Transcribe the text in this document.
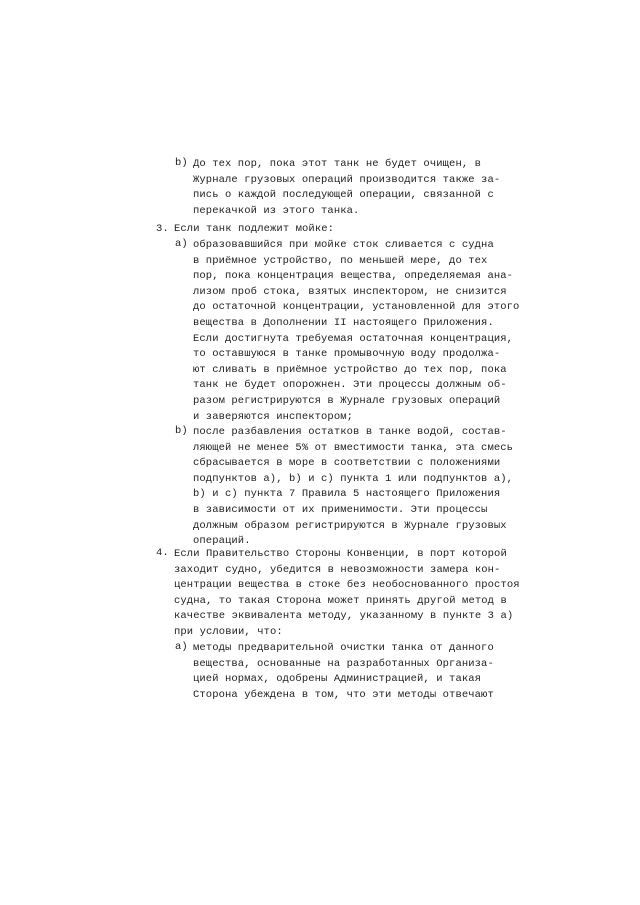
b) До тех пор, пока этот танк не будет очищен, в
Журнале грузовых операций производится также за-
пись о каждой последующей операции, связанной с
перекачкой из этого танка.
3. Если танк подлежит мойке:
a) образовавшийся при мойке сток сливается с судна
в приёмное устройство, по меньшей мере, до тех
пор, пока концентрация вещества, определяемая ана-
лизом проб стока, взятых инспектором, не снизится
до остаточной концентрации, установленной для этого
вещества в Дополнении II настоящего Приложения.
Если достигнута требуемая остаточная концентрация,
то оставшуюся в танке промывочную воду продолжа-
ют сливать в приёмное устройство до тех пор, пока
танк не будет опорожнен. Эти процессы должным об-
разом регистрируются в Журнале грузовых операций
и заверяются инспектором;
b) после разбавления остатков в танке водой, состав-
ляющей не менее 5% от вместимости танка, эта смесь
сбрасывается в море в соответствии с положениями
подпунктов a), b) и c) пункта 1 или подпунктов a),
b) и c) пункта 7 Правила 5 настоящего Приложения
в зависимости от их применимости. Эти процессы
должным образом регистрируются в Журнале грузовых
операций.
4. Если Правительство Стороны Конвенции, в порт которой
заходит судно, убедится в невозможности замера кон-
центрации вещества в стоке без необоснованного простоя
судна, то такая Сторона может принять другой метод в
качестве эквивалента методу, указанному в пункте 3 a)
при условии, что:
a) методы предварительной очистки танка от данного
вещества, основанные на разработанных Организа-
цией нормах, одобрены Администрацией, и такая
Сторона убеждена в том, что эти методы отвечают
